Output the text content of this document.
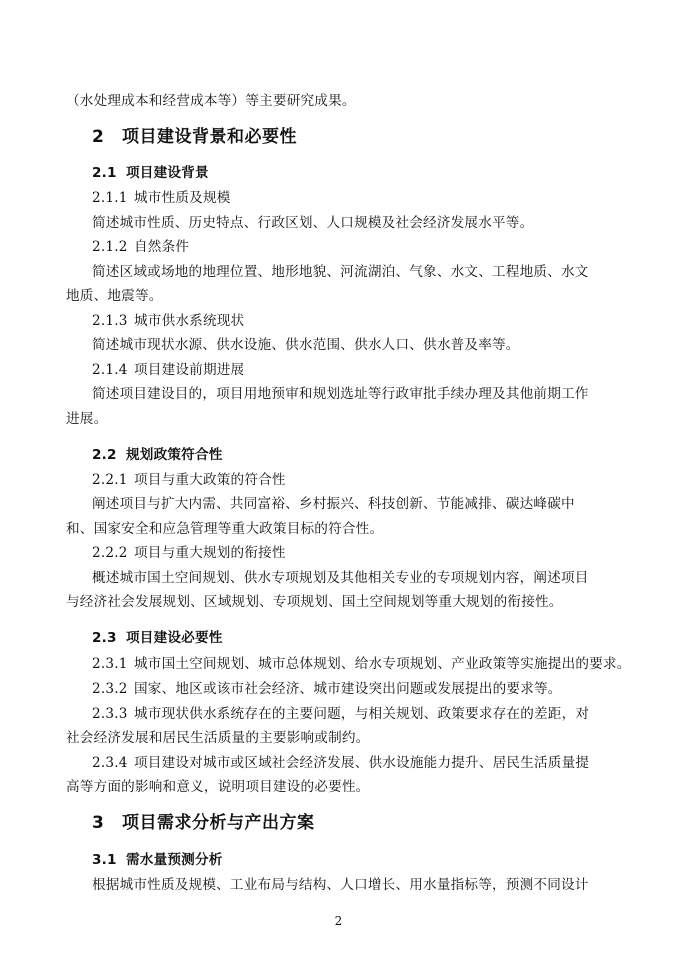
（水处理成本和经营成本等）等主要研究成果。
2 项目建设背景和必要性
2.1 项目建设背景
2.1.1 城市性质及规模
简述城市性质、历史特点、行政区划、人口规模及社会经济发展水平等。
2.1.2 自然条件
简述区域或场地的地理位置、地形地貌、河流湖泊、气象、水文、工程地质、水文
地质、地震等。
2.1.3 城市供水系统现状
简述城市现状水源、供水设施、供水范围、供水人口、供水普及率等。
2.1.4 项目建设前期进展
简述项目建设目的，项目用地预审和规划选址等行政审批手续办理及其他前期工作
进展。
2.2 规划政策符合性
2.2.1 项目与重大政策的符合性
阐述项目与扩大内需、共同富裕、乡村振兴、科技创新、节能减排、碳达峰碳中
和、国家安全和应急管理等重大政策目标的符合性。
2.2.2 项目与重大规划的衔接性
概述城市国土空间规划、供水专项规划及其他相关专业的专项规划内容，阐述项目
与经济社会发展规划、区域规划、专项规划、国土空间规划等重大规划的衔接性。
2.3 项目建设必要性
2.3.1 城市国土空间规划、城市总体规划、给水专项规划、产业政策等实施提出的要求。
2.3.2 国家、地区或该市社会经济、城市建设突出问题或发展提出的要求等。
2.3.3 城市现状供水系统存在的主要问题，与相关规划、政策要求存在的差距，对
社会经济发展和居民生活质量的主要影响或制约。
2.3.4 项目建设对城市或区域社会经济发展、供水设施能力提升、居民生活质量提
高等方面的影响和意义，说明项目建设的必要性。
3 项目需求分析与产出方案
3.1 需水量预测分析
根据城市性质及规模、工业布局与结构、人口增长、用水量指标等，预测不同设计
2
